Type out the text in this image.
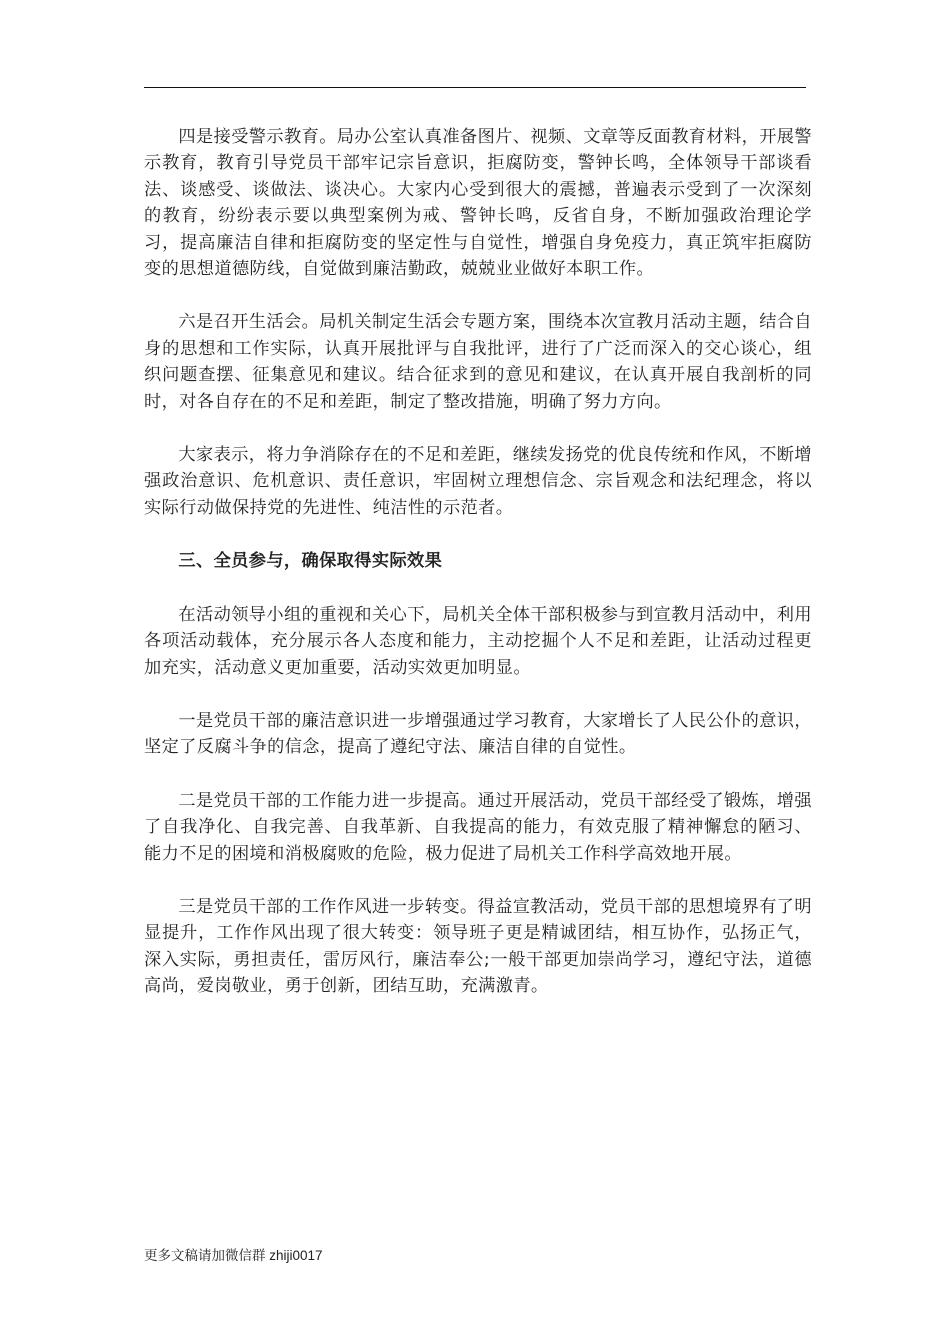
四是接受警示教育。局办公室认真准备图片、视频、文章等反面教育材料，开展警示教育，教育引导党员干部牢记宗旨意识，拒腐防变，警钟长鸣，全体领导干部谈看法、谈感受、谈做法、谈决心。大家内心受到很大的震撼，普遍表示受到了一次深刻的教育，纷纷表示要以典型案例为戒、警钟长鸣，反省自身，不断加强政治理论学习，提高廉洁自律和拒腐防变的坚定性与自觉性，增强自身免疫力，真正筑牢拒腐防变的思想道德防线，自觉做到廉洁勤政，兢兢业业做好本职工作。

六是召开生活会。局机关制定生活会专题方案，围绕本次宣教月活动主题，结合自身的思想和工作实际，认真开展批评与自我批评，进行了广泛而深入的交心谈心，组织问题查摆、征集意见和建议。结合征求到的意见和建议，在认真开展自我剖析的同时，对各自存在的不足和差距，制定了整改措施，明确了努力方向。

大家表示，将力争消除存在的不足和差距，继续发扬党的优良传统和作风，不断增强政治意识、危机意识、责任意识，牢固树立理想信念、宗旨观念和法纪理念，将以实际行动做保持党的先进性、纯洁性的示范者。

三、全员参与，确保取得实际效果

在活动领导小组的重视和关心下，局机关全体干部积极参与到宣教月活动中，利用各项活动载体，充分展示各人态度和能力，主动挖掘个人不足和差距，让活动过程更加充实，活动意义更加重要，活动实效更加明显。

一是党员干部的廉洁意识进一步增强通过学习教育，大家增长了人民公仆的意识，坚定了反腐斗争的信念，提高了遵纪守法、廉洁自律的自觉性。

二是党员干部的工作能力进一步提高。通过开展活动，党员干部经受了锻炼，增强了自我净化、自我完善、自我革新、自我提高的能力，有效克服了精神懈怠的陋习、能力不足的困境和消极腐败的危险，极力促进了局机关工作科学高效地开展。

三是党员干部的工作作风进一步转变。得益宣教活动，党员干部的思想境界有了明显提升，工作作风出现了很大转变：领导班子更是精诚团结，相互协作，弘扬正气，深入实际，勇担责任，雷厉风行，廉洁奉公;一般干部更加崇尚学习，遵纪守法，道德高尚，爱岗敬业，勇于创新，团结互助，充满激青。

更多文稿请加微信群 zhiji0017
